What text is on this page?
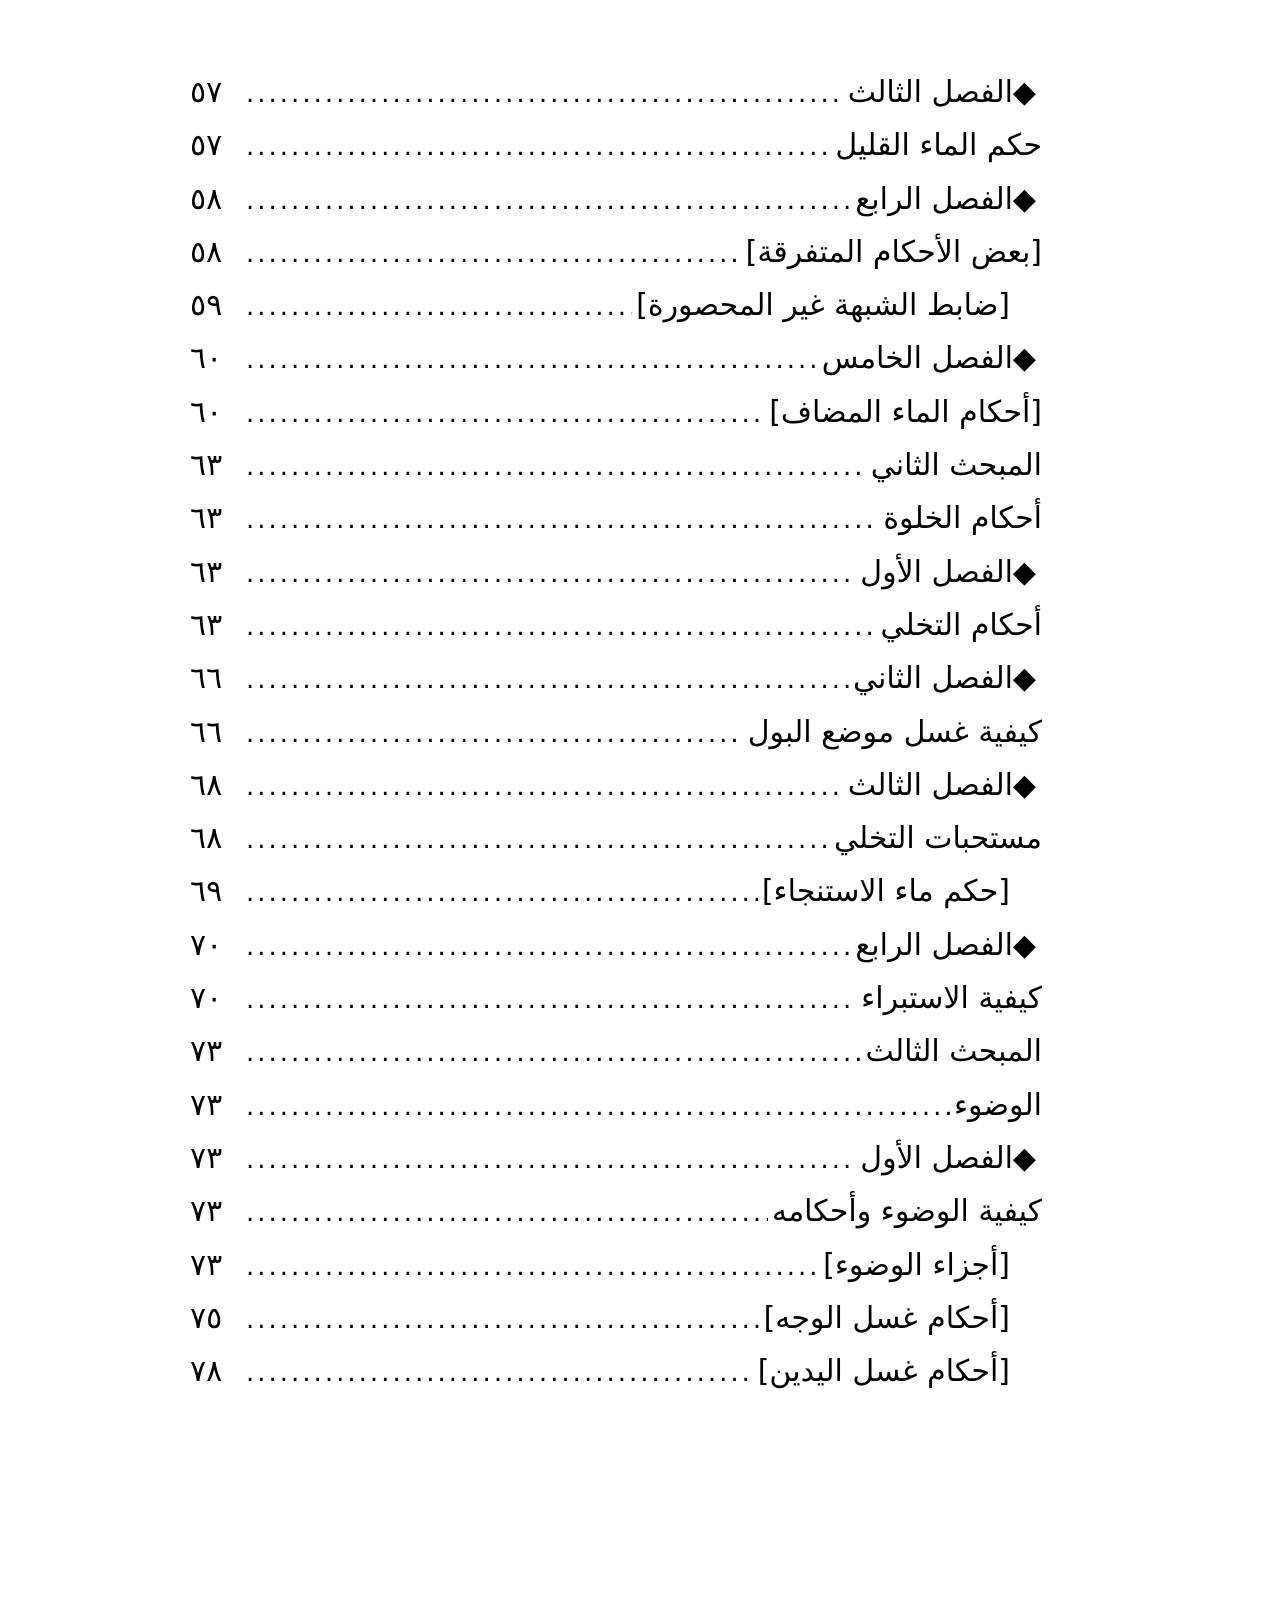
◆الفصل الثالث
.....
٥٧
حكم الماء القليل
.....
٥٧
◆الفصل الرابع
.....
٥٨
[بعض الأحكام المتفرقة]
.....
٥٨
[ضابط الشبهة غير المحصورة]
.....
٥٩
◆الفصل الخامس
.....
٦٠
[أحكام الماء المضاف]
.....
٦٠
المبحث الثاني
.....
٦٣
أحكام الخلوة
.....
٦٣
◆الفصل الأول
.....
٦٣
أحكام التخلي
.....
٦٣
◆الفصل الثاني
.....
٦٦
كيفية غسل موضع البول
.....
٦٦
◆الفصل الثالث
.....
٦٨
مستحبات التخلي
.....
٦٨
[حكم ماء الاستنجاء]
.....
٦٩
◆الفصل الرابع
.....
٧٠
كيفية الاستبراء
.....
٧٠
المبحث الثالث
.....
٧٣
الوضوء
.....
٧٣
◆الفصل الأول
.....
٧٣
كيفية الوضوء وأحكامه
.....
٧٣
[أجزاء الوضوء]
.....
٧٣
[أحكام غسل الوجه]
.....
٧٥
[أحكام غسل اليدين]
.....
٧٨
